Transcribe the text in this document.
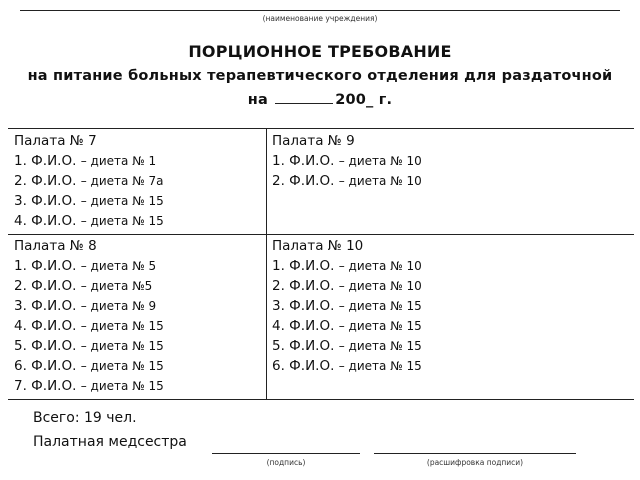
(наименование учреждения)
ПОРЦИОННОЕ ТРЕБОВАНИЕ
на питание больных терапевтического отделения для раздаточной
на	200_ г.
Палата № 7
1. Ф.И.О. – диета № 1
2. Ф.И.О. – диета № 7а
3. Ф.И.О. – диета № 15
4. Ф.И.О. – диета № 15
Палата № 9
1. Ф.И.О. – диета № 10
2. Ф.И.О. – диета № 10
Палата № 8
1. Ф.И.О. – диета № 5
2. Ф.И.О. – диета №5
3. Ф.И.О. – диета № 9
4. Ф.И.О. – диета № 15
5. Ф.И.О. – диета № 15
6. Ф.И.О. – диета № 15
7. Ф.И.О. – диета № 15
Палата № 10
1. Ф.И.О. – диета № 10
2. Ф.И.О. – диета № 10
3. Ф.И.О. – диета № 15
4. Ф.И.О. – диета № 15
5. Ф.И.О. – диета № 15
6. Ф.И.О. – диета № 15
Всего: 19 чел.
Палатная медсестра
(подпись)	(расшифровка подписи)
